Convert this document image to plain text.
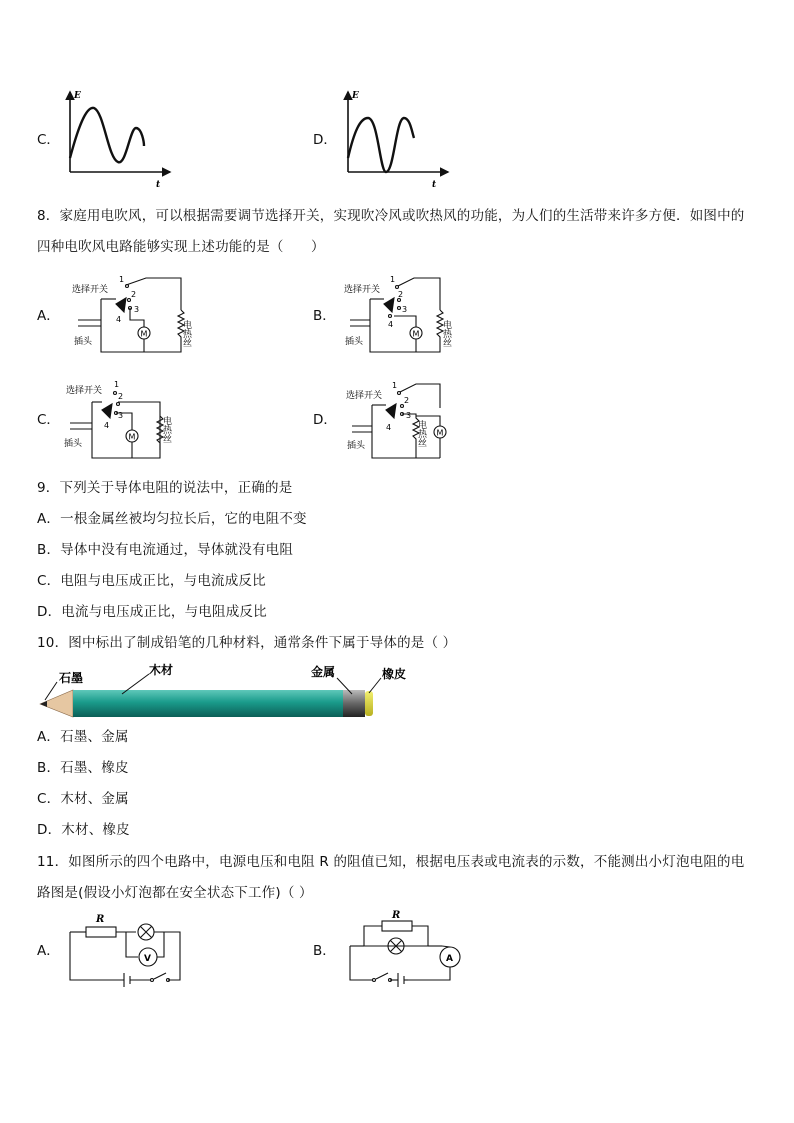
C．
E
t
D．
E
t
8．家庭用电吹风，可以根据需要调节选择开关，实现吹冷风或吹热风的功能，为人们的生活带来许多方便．如图中的
四种电吹风电路能够实现上述功能的是（　　）
A．
选择开关
1
2
3
4
插头
M	电热丝
B．
选择开关
1
2
3
4
插头
M 电热丝
C．
选择开关
1
2
3
4
插头
M	电热丝	D．
选择开关
1
2
3
4
插头
M
电热丝
9．下列关于导体电阻的说法中，正确的是
A．一根金属丝被均匀拉长后，它的电阻不变
B．导体中没有电流通过，导体就没有电阻
C．电阻与电压成正比，与电流成反比
D．电流与电压成正比，与电阻成反比
10．图中标出了制成铅笔的几种材料，通常条件下属于导体的是（ ）
石墨
木材	金属	橡皮
A．石墨、金属
B．石墨、橡皮
C．木材、金属
D．木材、橡皮
11．如图所示的四个电路中，电源电压和电阻 R 的阻值已知，根据电压表或电流表的示数，不能测出小灯泡电阻的电
路图是(假设小灯泡都在安全状态下工作)（ ）
A．
R
V	B．
R
A
